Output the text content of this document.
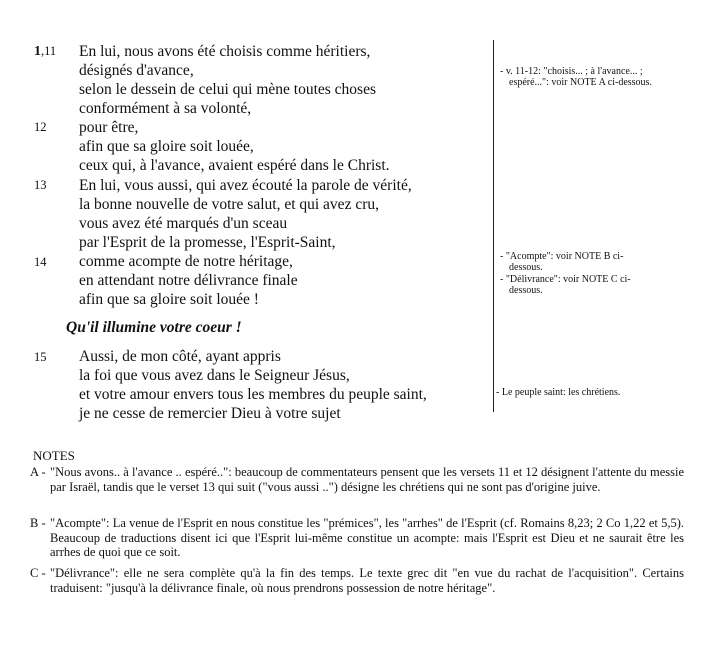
1,11 En lui, nous avons été choisis comme héritiers,
désignés d'avance,
selon le dessein de celui qui mène toutes choses
conformément à sa volonté,
12 pour être,
afin que sa gloire soit louée,
ceux qui, à l'avance, avaient espéré dans le Christ.
13 En lui, vous aussi, qui avez écouté la parole de vérité,
la bonne nouvelle de votre salut, et qui avez cru,
vous avez été marqués d'un sceau
par l'Esprit de la promesse, l'Esprit-Saint,
14 comme acompte de notre héritage,
en attendant notre délivrance finale
afin que sa gloire soit louée !
Qu'il illumine votre coeur !
15 Aussi, de mon côté, ayant appris
la foi que vous avez dans le Seigneur Jésus,
et votre amour envers tous les membres du peuple saint,
je ne cesse de remercier Dieu à votre sujet
- v. 11-12: "choisis... ; à l'avance... ;
espéré...": voir NOTE A ci-dessous.
- "Acompte": voir NOTE B ci-
dessous.
- "Délivrance": voir NOTE C ci-
dessous.
- Le peuple saint: les chrétiens.
NOTES
A - "Nous avons.. à l'avance .. espéré..": beaucoup de commentateurs pensent que les versets 11 et 12 désignent l'attente du messie par Israël, tandis que le verset 13 qui suit ("vous aussi ..") désigne les chrétiens qui ne sont pas d'origine juive.
B - "Acompte": La venue de l'Esprit en nous constitue les "prémices", les "arrhes" de l'Esprit (cf. Romains 8,23; 2 Co 1,22 et 5,5). Beaucoup de traductions disent ici que l'Esprit lui-même constitue un acompte: mais l'Esprit est Dieu et ne saurait être les arrhes de quoi que ce soit.
C - "Délivrance": elle ne sera complète qu'à la fin des temps. Le texte grec dit "en vue du rachat de l'acquisition". Certains traduisent: "jusqu'à la délivrance finale, où nous prendrons possession de notre héritage".
